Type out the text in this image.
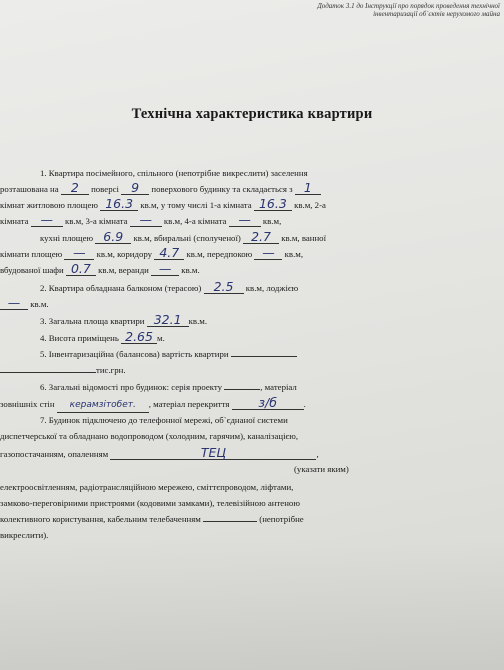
Додаток 3.1 до Інструкції про порядок проведення технічної
інвентаризації об`єктів нерухомого майна
Технічна характеристика квартири
1. Квартира посімейного, спільного (непотрібне викреслити) заселення
розташована на 2 поверсі 9 поверхового будинку та складається з 1
кімнат житловою площею 16.3 кв.м, у тому числі 1-а кімната 16.3 кв.м, 2-а
кімната — кв.м, 3-а кімната — кв.м, 4-а кімната — кв.м,
кухні площею 6.9 кв.м, вбиральні (сполученої) 2.7 кв.м, ванної
кімнати площею — кв.м, коридору 4.7 кв.м, передпокою — кв.м,
вбудованої шафи 0.7 кв.м, веранди — кв.м.
2. Квартира обладнана балконом (терасою) 2.5 кв.м, лоджією
— кв.м.
3. Загальна площа квартири 32.1 кв.м.
4. Висота приміщень 2.65 м.
5. Інвентаризаційна (балансова) вартість квартири
тис.грн.
6. Загальні відомості про будинок: серія проекту	, матеріал
зовнішніх стін керамзітобет. , матеріал перекриття з/б	.
7. Будинок підключено до телефонної мережі, об`єднаної системи
диспетчерської та обладнано водопроводом (холодним, гарячим), каналізацією,
газопостачанням, опаленням	ТЕЦ	,
(указати яким)
електроосвітленням, радіотрансляційною мережею, сміттєпроводом, ліфтами,
замково-переговірними пристроями (кодовими замками), телевізійною антеною
колективного користування, кабельним телебаченням	(непотрібне
викреслити).
